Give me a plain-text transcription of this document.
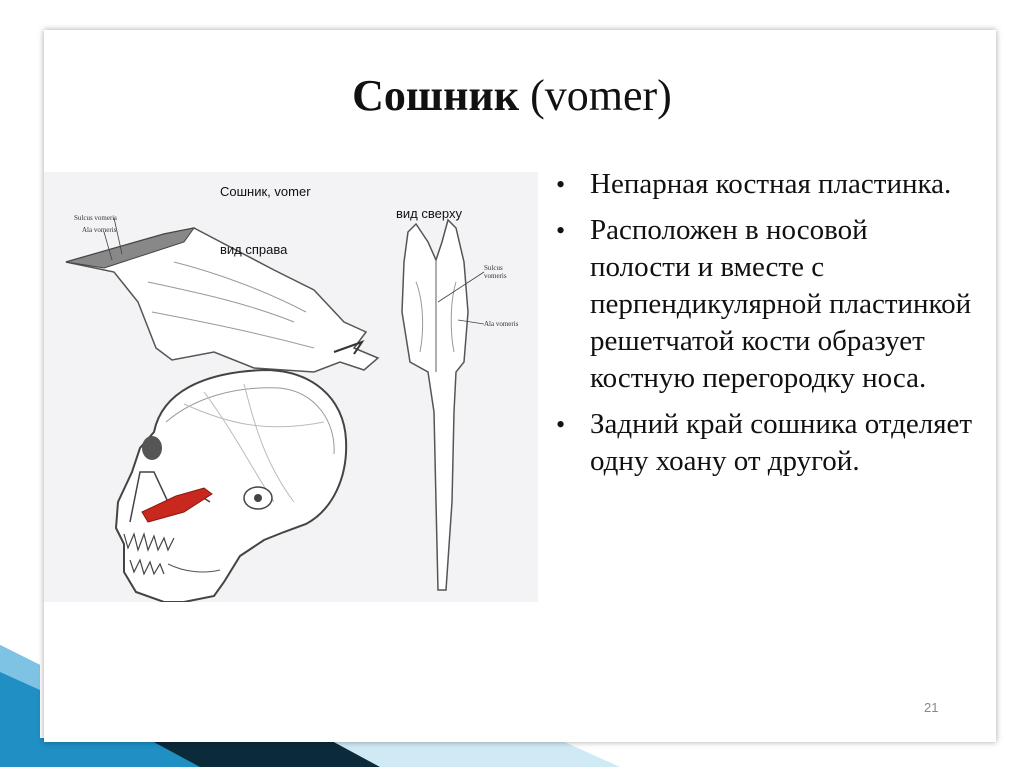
Сошник (vomer)
Сошник, vomer
вид сверху
вид справа
Sulcus vomeris
Ala vomeris
Sulcus vomeris
Ala vomeris
• Непарная костная пластинка.
• Расположен в носовой полости и вместе с перпендикулярной пластинкой решетчатой кости образует костную перегородку носа.
• Задний край сошника отделяет одну хоану от другой.
21
